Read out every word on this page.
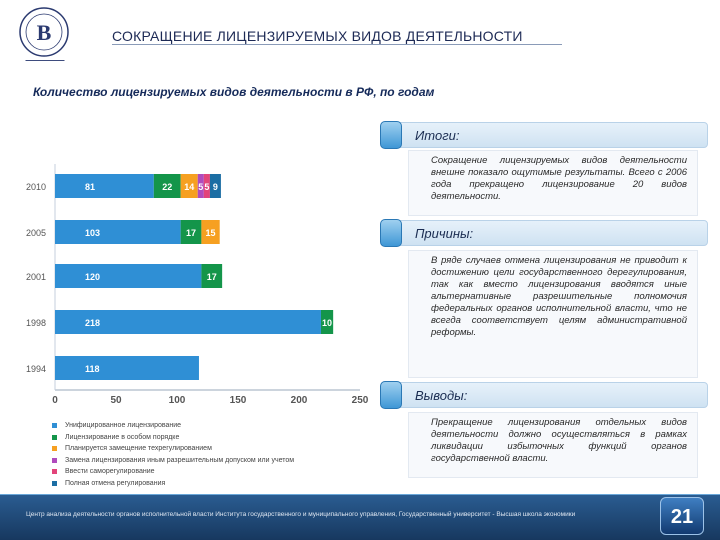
В
▬▬▬▬▬▬▬▬▬▬▬▬▬
СОКРАЩЕНИЕ ЛИЦЕНЗИРУЕМЫХ ВИДОВ ДЕЯТЕЛЬНОСТИ
Количество лицензируемых видов деятельности в РФ, по годам
0	50	100	150	200	250
2010	81	22 14 5 5 9
2005	103	17 15
2001	120	17
1998	218	10
1994	118
Унифицированное лицензирование
Лицензирование в особом порядке
Планируется замещение техрегулированием
Замена лицензирования иным разрешительным допуском или учетом
Ввести саморегулирование
Полная отмена регулирования
Итоги:
Сокращение лицензируемых видов деятельности внешне показало ощутимые результаты. Всего с 2006 года прекращено лицензирование 20 видов деятельности.
Причины:
В ряде случаев отмена лицензирования не приводит к достижению цели государственного дерегулирования, так как вместо лицензирования вводятся иные альтернативные разрешительные полномочия федеральных органов исполнительной власти, что не всегда соответствует целям административной реформы.
Выводы:
Прекращение лицензирования отдельных видов деятельности должно осуществляться в рамках ликвидации избыточных функций органов государственной власти.
Центр анализа деятельности органов исполнительной власти Института государственного и муниципального управления, Государственный университет - Высшая школа экономики	21
